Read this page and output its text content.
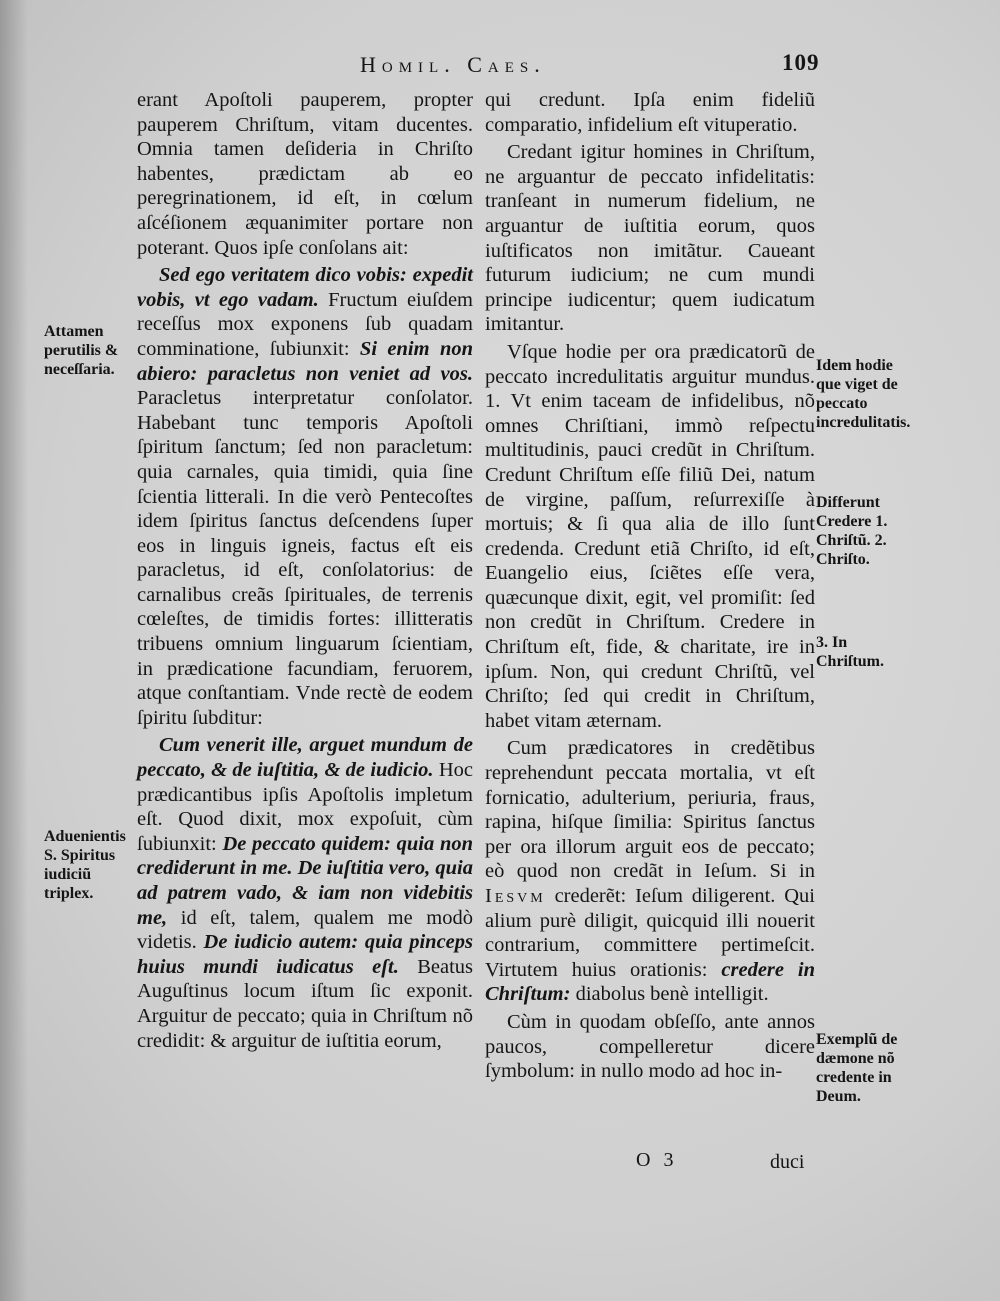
Homil. Caes.	109

erant Apoſtoli pauperem, propter pauperem Chriſtum, vitam ducentes. Omnia tamen deſideria in Chriſto habentes, prædictam ab eo peregrinationem, id eſt, in cœlum aſcéſionem æquanimiter portare non poterant. Quos ipſe conſolans ait:

Sed ego veritatem dico vobis: expedit vobis, vt ego vadam. Fructum eiuſdem receſſus mox exponens ſub quadam comminatione, ſubiunxit: Si enim non abiero: paracletus non veniet ad vos. Paracletus interpretatur conſolator. Habebant tunc temporis Apoſtoli ſpiritum ſanctum; ſed non paracletum: quia carnales, quia timidi, quia ſine ſcientia litterali. In die verò Pentecoſtes idem ſpiritus ſanctus deſcendens ſuper eos in linguis igneis, factus eſt eis paracletus, id eſt, conſolatorius: de carnalibus creãs ſpirituales, de terrenis cœleſtes, de timidis fortes: illitteratis tribuens omnium linguarum ſcientiam, in prædicatione facundiam, feruorem, atque conſtantiam. Vnde rectè de eodem ſpiritu ſubditur:

Cum venerit ille, arguet mundum de peccato, & de iuſtitia, & de iudicio. Hoc prædicantibus ipſis Apoſtolis impletum eſt. Quod dixit, mox expoſuit, cùm ſubiunxit: De peccato quidem: quia non crediderunt in me. De iuſtitia vero, quia ad patrem vado, & iam non videbitis me, id eſt, talem, qualem me modò videtis. De iudicio autem: quia pinceps huius mundi iudicatus eſt. Beatus Auguſtinus locum iſtum ſic exponit. Arguitur de peccato; quia in Chriſtum nõ credidit: & arguitur de iuſtitia eorum,

qui credunt. Ipſa enim fideliũ comparatio, infidelium eſt vituperatio.

Credant igitur homines in Chriſtum, ne arguantur de peccato infidelitatis: tranſeant in numerum fidelium, ne arguantur de iuſtitia eorum, quos iuſtificatos non imitãtur. Caueant futurum iudicium; ne cum mundi principe iudicentur; quem iudicatum imitantur.

Vſque hodie per ora prædicatorũ de peccato incredulitatis arguitur mundus. 1. Vt enim taceam de infidelibus, nõ omnes Chriſtiani, immò reſpectu multitudinis, pauci credũt in Chriſtum. Credunt Chriſtum eſſe filiũ Dei, natum de virgine, paſſum, reſurrexiſſe à mortuis; & ſi qua alia de illo ſunt credenda. Credunt etiã Chriſto, id eſt, Euangelio eius, ſciẽtes eſſe vera, quæcunque dixit, egit, vel promiſit: ſed non credũt in Chriſtum. Credere in Chriſtum eſt, fide, & charitate, ire in ipſum. Non, qui credunt Chriſtũ, vel Chriſto; ſed qui credit in Chriſtum, habet vitam æternam.

Cum prædicatores in credẽtibus reprehendunt peccata mortalia, vt eſt fornicatio, adulterium, periuria, fraus, rapina, hiſque ſimilia: Spiritus ſanctus per ora illorum arguit eos de peccato; eò quod non credãt in Ieſum. Si in Iesvm crederẽt: Ieſum diligerent. Qui alium purè diligit, quicquid illi nouerit contrarium, committere pertimeſcit. Virtutem huius orationis: credere in Chriſtum: diabolus benè intelligit.

Cùm in quodam obſeſſo, ante annos paucos, compelleretur dicere ſymbolum: in nullo modo ad hoc in-

Attamen perutilis & neceſſaria.
Aduenientis S. Spiritus iudiciũ triplex.
Idem hodie que viget de peccato incredulitatis.
Differunt Credere 1. Chriſtũ. 2. Chriſto.
3. In Chriſtum.
Exemplũ de dæmone nõ credente in Deum.
O 3	duci
